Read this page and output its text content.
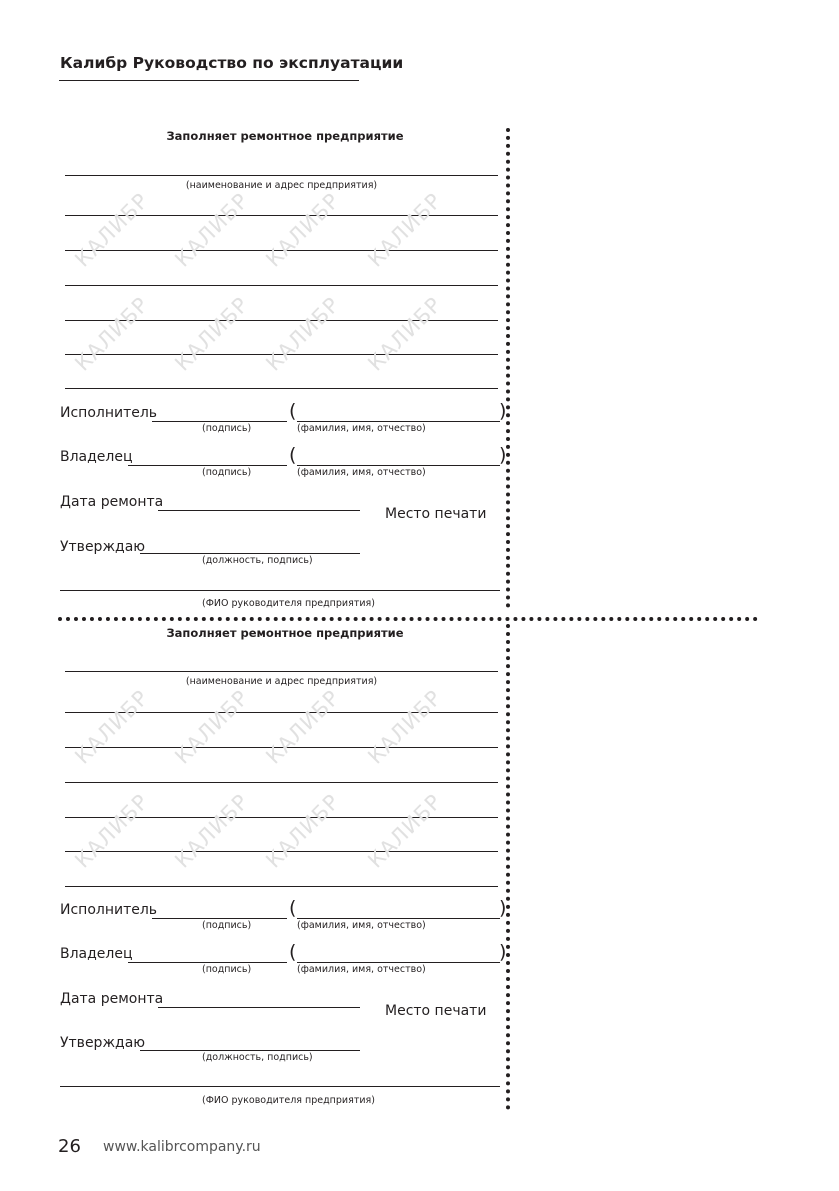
Калибр Руководство по эксплуатации
Заполняет ремонтное предприятие
(наименование и адрес предприятия)
КАЛИБР КАЛИБР КАЛИБР КАЛИБР
КАЛИБР КАЛИБР КАЛИБР КАЛИБР
Исполнитель	(	)
(подпись)	(фамилия, имя, отчество)
Владелец	(	)
(подпись)	(фамилия, имя, отчество)
Дата ремонта
Место печати
Утверждаю
(должность, подпись)
(ФИО руководителя предприятия)
Заполняет ремонтное предприятие
(наименование и адрес предприятия)
КАЛИБР КАЛИБР КАЛИБР КАЛИБР
КАЛИБР КАЛИБР КАЛИБР КАЛИБР
Исполнитель	(	)
(подпись)	(фамилия, имя, отчество)
Владелец	(	)
(подпись)	(фамилия, имя, отчество)
Дата ремонта
Место печати
Утверждаю
(должность, подпись)
(ФИО руководителя предприятия)
26 www.kalibrcompany.ru
